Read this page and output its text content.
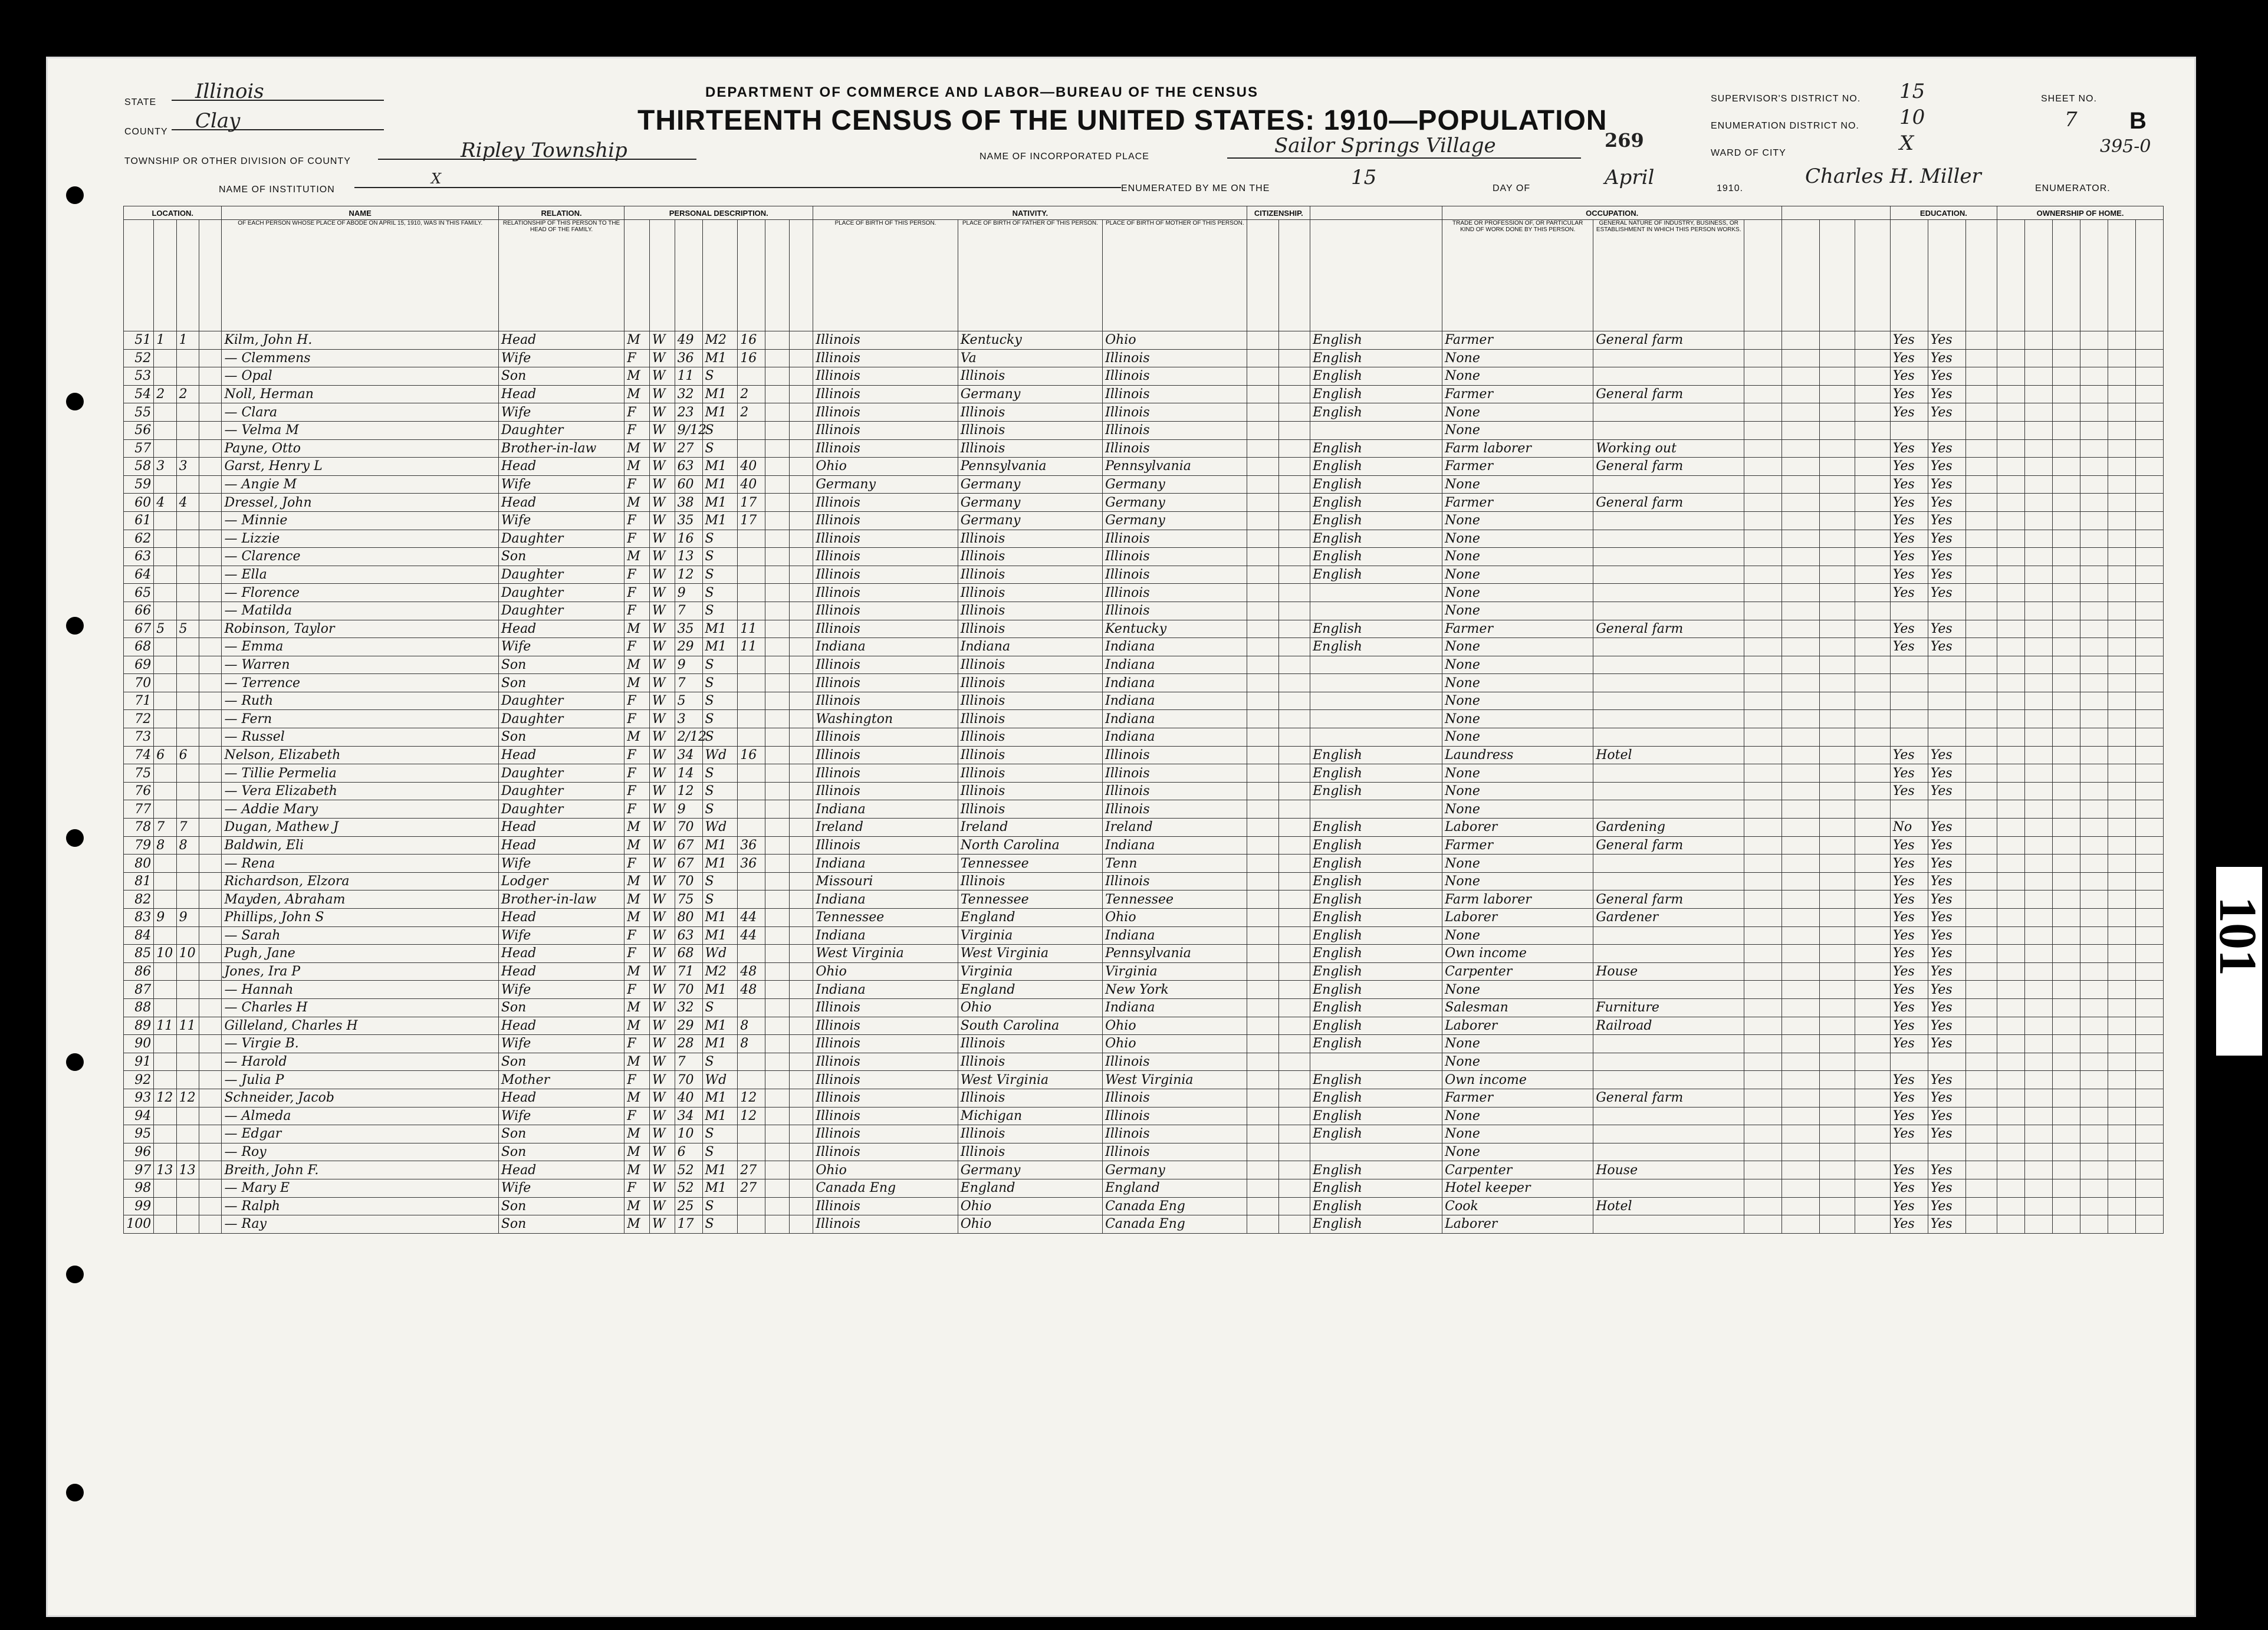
STATE Illinois
COUNTY Clay
TOWNSHIP OR OTHER DIVISION OF COUNTY	Ripley Township
NAME OF INSTITUTION
X
DEPARTMENT OF COMMERCE AND LABOR—BUREAU OF THE CENSUS
THIRTEENTH CENSUS OF THE UNITED STATES: 1910—POPULATION
NAME OF INCORPORATED PLACE	Sailor Springs Village	269
ENUMERATED BY ME ON THE	15	DAY OF	April	1910.
Charles H. Miller
ENUMERATOR.
SUPERVISOR'S DISTRICT NO. 15
ENUMERATION DISTRICT NO. 10
WARD OF CITY	X
SHEET NO.
7 B
395-0
LOCATION.				NAME	RELATION.	PERSONAL DESCRIPTION.							NATIVITY.			CITIZENSHIP.			OCCUPATION.						EDUCATION.			OWNERSHIP OF HOME.					
				OF EACH PERSON WHOSE PLACE OF ABODE ON APRIL 15, 1910, WAS IN THIS FAMILY.	RELATIONSHIP OF THIS PERSON TO THE HEAD OF THE FAMILY.								PLACE OF BIRTH OF THIS PERSON.	PLACE OF BIRTH OF FATHER OF THIS PERSON.	PLACE OF BIRTH OF MOTHER OF THIS PERSON.				TRADE OR PROFESSION OF, OR PARTICULAR KIND OF WORK DONE BY THIS PERSON.	GENERAL NATURE OF INDUSTRY, BUSINESS, OR ESTABLISHMENT IN WHICH THIS PERSON WORKS.													
51	1	1		Kilm, John H.	Head	M	W	49	M2	16			Illinois	Kentucky	Ohio			English	Farmer	General farm					Yes	Yes							
52				— Clemmens	Wife	F	W	36	M1	16			Illinois	Va	Illinois			English	None						Yes	Yes							
53				— Opal	Son	M	W	11	S				Illinois	Illinois	Illinois			English	None						Yes	Yes							
54	2	2		Noll, Herman	Head	M	W	32	M1	2			Illinois	Germany	Illinois			English	Farmer	General farm					Yes	Yes							
55				— Clara	Wife	F	W	23	M1	2			Illinois	Illinois	Illinois			English	None						Yes	Yes							
56				— Velma M	Daughter	F	W	9/12	S				Illinois	Illinois	Illinois				None														
57				Payne, Otto	Brother-in-law	M	W	27	S				Illinois	Illinois	Illinois			English	Farm laborer	Working out					Yes	Yes							
58	3	3		Garst, Henry L	Head	M	W	63	M1	40			Ohio	Pennsylvania	Pennsylvania			English	Farmer	General farm					Yes	Yes							
59				— Angie M	Wife	F	W	60	M1	40			Germany	Germany	Germany			English	None						Yes	Yes							
60	4	4		Dressel, John	Head	M	W	38	M1	17			Illinois	Germany	Germany			English	Farmer	General farm					Yes	Yes							
61				— Minnie	Wife	F	W	35	M1	17			Illinois	Germany	Germany			English	None						Yes	Yes							
62				— Lizzie	Daughter	F	W	16	S				Illinois	Illinois	Illinois			English	None						Yes	Yes							
63				— Clarence	Son	M	W	13	S				Illinois	Illinois	Illinois			English	None						Yes	Yes							
64				— Ella	Daughter	F	W	12	S				Illinois	Illinois	Illinois			English	None						Yes	Yes							
65				— Florence	Daughter	F	W	9	S				Illinois	Illinois	Illinois				None						Yes	Yes							
66				— Matilda	Daughter	F	W	7	S				Illinois	Illinois	Illinois				None														
67	5	5		Robinson, Taylor	Head	M	W	35	M1	11			Illinois	Illinois	Kentucky			English	Farmer	General farm					Yes	Yes							
68				— Emma	Wife	F	W	29	M1	11			Indiana	Indiana	Indiana			English	None						Yes	Yes							
69				— Warren	Son	M	W	9	S				Illinois	Illinois	Indiana				None														
70				— Terrence	Son	M	W	7	S				Illinois	Illinois	Indiana				None														
71				— Ruth	Daughter	F	W	5	S				Illinois	Illinois	Indiana				None														
72				— Fern	Daughter	F	W	3	S				Washington	Illinois	Indiana				None														
73				— Russel	Son	M	W	2/12	S				Illinois	Illinois	Indiana				None														
74	6	6		Nelson, Elizabeth	Head	F	W	34	Wd	16			Illinois	Illinois	Illinois			English	Laundress	Hotel					Yes	Yes							
75				— Tillie Permelia	Daughter	F	W	14	S				Illinois	Illinois	Illinois			English	None						Yes	Yes							
76				— Vera Elizabeth	Daughter	F	W	12	S				Illinois	Illinois	Illinois			English	None						Yes	Yes							
77				— Addie Mary	Daughter	F	W	9	S				Indiana	Illinois	Illinois				None														
78	7	7		Dugan, Mathew J	Head	M	W	70	Wd				Ireland	Ireland	Ireland			English	Laborer	Gardening					No	Yes							
79	8	8		Baldwin, Eli	Head	M	W	67	M1	36			Illinois	North Carolina	Indiana			English	Farmer	General farm					Yes	Yes							
80				— Rena	Wife	F	W	67	M1	36			Indiana	Tennessee	Tenn			English	None						Yes	Yes							
81				Richardson, Elzora	Lodger	M	W	70	S				Missouri	Illinois	Illinois			English	None						Yes	Yes							
82				Mayden, Abraham	Brother-in-law	M	W	75	S				Indiana	Tennessee	Tennessee			English	Farm laborer	General farm					Yes	Yes							
83	9	9		Phillips, John S	Head	M	W	80	M1	44			Tennessee	England	Ohio			English	Laborer	Gardener					Yes	Yes							
84				— Sarah	Wife	F	W	63	M1	44			Indiana	Virginia	Indiana			English	None						Yes	Yes							
85	10	10		Pugh, Jane	Head	F	W	68	Wd				West Virginia	West Virginia	Pennsylvania			English	Own income						Yes	Yes							
86				Jones, Ira P	Head	M	W	71	M2	48			Ohio	Virginia	Virginia			English	Carpenter	House					Yes	Yes							
87				— Hannah	Wife	F	W	70	M1	48			Indiana	England	New York			English	None						Yes	Yes							
88				— Charles H	Son	M	W	32	S				Illinois	Ohio	Indiana			English	Salesman	Furniture					Yes	Yes							
89	11	11		Gilleland, Charles H	Head	M	W	29	M1	8			Illinois	South Carolina	Ohio			English	Laborer	Railroad					Yes	Yes							
90				— Virgie B.	Wife	F	W	28	M1	8			Illinois	Illinois	Ohio			English	None						Yes	Yes							
91				— Harold	Son	M	W	7	S				Illinois	Illinois	Illinois				None														
92				— Julia P	Mother	F	W	70	Wd				Illinois	West Virginia	West Virginia			English	Own income						Yes	Yes							
93	12	12		Schneider, Jacob	Head	M	W	40	M1	12			Illinois	Illinois	Illinois			English	Farmer	General farm					Yes	Yes							
94				— Almeda	Wife	F	W	34	M1	12			Illinois	Michigan	Illinois			English	None						Yes	Yes							
95				— Edgar	Son	M	W	10	S				Illinois	Illinois	Illinois			English	None						Yes	Yes							
96				— Roy	Son	M	W	6	S				Illinois	Illinois	Illinois				None														
97	13	13		Breith, John F.	Head	M	W	52	M1	27			Ohio	Germany	Germany			English	Carpenter	House					Yes	Yes							
98				— Mary E	Wife	F	W	52	M1	27			Canada Eng	England	England			English	Hotel keeper						Yes	Yes							
99				— Ralph	Son	M	W	25	S				Illinois	Ohio	Canada Eng			English	Cook	Hotel					Yes	Yes							
100				— Ray	Son	M	W	17	S				Illinois	Ohio	Canada Eng			English	Laborer						Yes	Yes							
101
